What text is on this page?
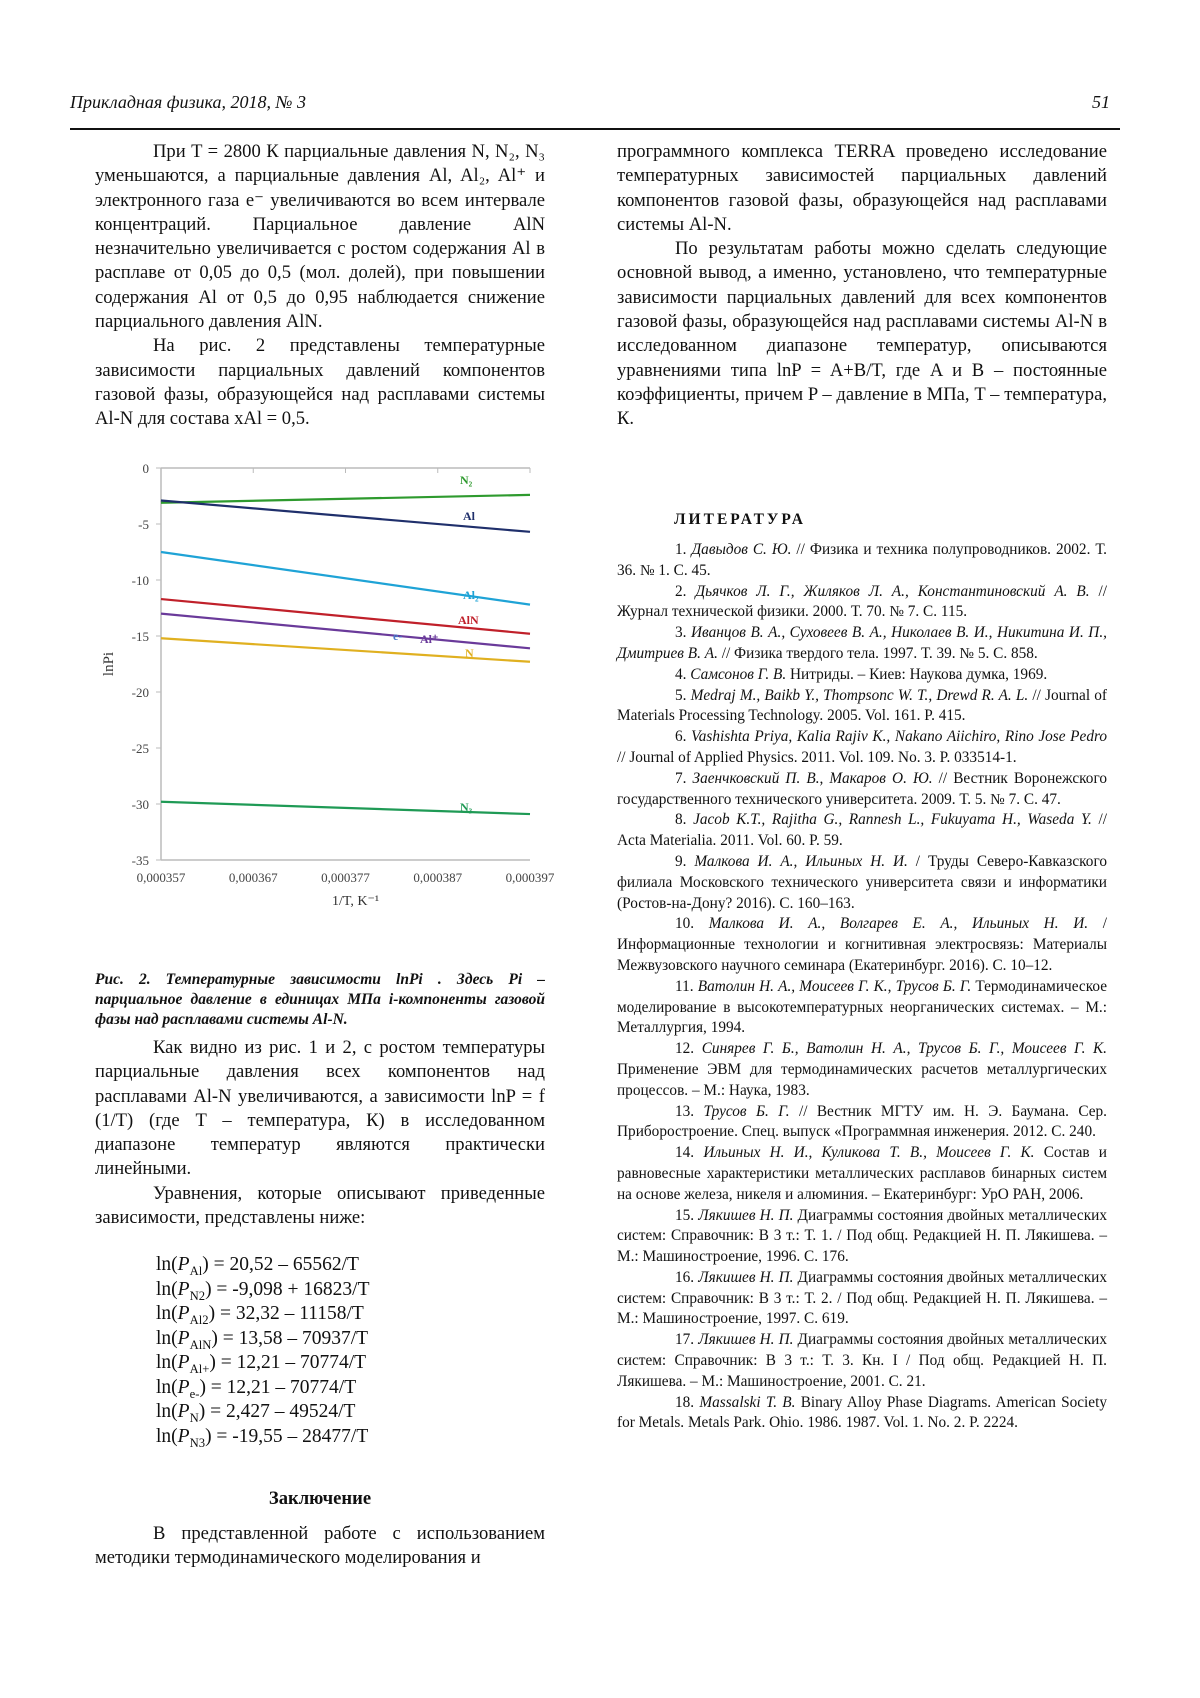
Прикладная физика, 2018, № 3	51

При T = 2800 К парциальные давления N, N₂, N₃ уменьшаются, а парциальные давления Al, Al₂, Al⁺ и электронного газа e⁻ увеличиваются во всем интервале концентраций. Парциальное давление AlN незначительно увеличивается с ростом содержания Al в расплаве от 0,05 до 0,5 (мол. долей), при повышении содержания Al от 0,5 до 0,95 наблюдается снижение парциального давления AlN.

На рис. 2 представлены температурные зависимости парциальных давлений компонентов газовой фазы, образующейся над расплавами системы Al-N для состава xAl = 0,5.

0
-5
-10
-15
-20
-25
-30
-35
0,000357	0,000367	0,000377	0,000387	0,000397
1/T, K⁻¹
lnPi
N₂
Al
Al₂
AlN
Al⁺
e-
N
N₃
Рис. 2. Температурные зависимости lnPi . Здесь Pi – парциальное давление в единицах МПа i-компоненты газовой фазы над расплавами системы Al-N.

Как видно из рис. 1 и 2, с ростом температуры парциальные давления всех компонентов над расплавами Al-N увеличиваются, а зависимости lnP = f (1/T) (где T – температура, К) в исследованном диапазоне температур являются практически линейными.

Уравнения, которые описывают приведенные зависимости, представлены ниже:

$\ln(P_{Al}) = 20,52 - 65562/T$
$\ln(P_{N2}) = -9,098 + 16823/T$
$\ln(P_{Al2}) = 32,32 - 11158/T$
$\ln(P_{AlN}) = 13,58 - 70937/T$
$\ln(P_{Al+}) = 12,21 - 70774/T$
$\ln(P_{e-}) = 12,21 - 70774/T$
$\ln(P_N) = 2,427 - 49524/T$
$\ln(P_{N3}) = -19,55 - 28477/T$
Заключение

В представленной работе с использованием методики термодинамического моделирования и

программного комплекса TERRA проведено исследование температурных зависимостей парциальных давлений компонентов газовой фазы, образующейся над расплавами системы Al-N.

По результатам работы можно сделать следующие основной вывод, а именно, установлено, что температурные зависимости парциальных давлений для всех компонентов газовой фазы, образующейся над расплавами системы Al-N в исследованном диапазоне температур, описываются уравнениями типа lnP = A+B/T, где A и B – постоянные коэффициенты, причем P – давление в МПа, T – температура, К.

ЛИТЕРАТУРА

1. Давыдов С. Ю. // Физика и техника полупроводников. 2002. Т. 36. № 1. С. 45.

2. Дьячков Л. Г., Жиляков Л. А., Константиновский А. В. // Журнал технической физики. 2000. Т. 70. № 7. С. 115.

3. Иванцов В. А., Суховеев В. А., Николаев В. И., Никитина И. П., Дмитриев В. А. // Физика твердого тела. 1997. Т. 39. № 5. С. 858.

4. Самсонов Г. В. Нитриды. – Киев: Наукова думка, 1969.

5. Medraj M., Baikb Y., Thompsonc W. T., Drewd R. A. L. // Journal of Materials Processing Technology. 2005. Vol. 161. P. 415.

6. Vashishta Priya, Kalia Rajiv K., Nakano Aiichiro, Rino Jose Pedro // Journal of Applied Physics. 2011. Vol. 109. No. 3. P. 033514-1.

7. Заенчковский П. В., Макаров О. Ю. // Вестник Воронежского государственного технического университета. 2009. Т. 5. № 7. С. 47.

8. Jacob K.T., Rajitha G., Rannesh L., Fukuyama H., Waseda Y. // Acta Materialia. 2011. Vol. 60. P. 59.

9. Малкова И. А., Ильиных Н. И. / Труды Северо-Кавказского филиала Московского технического университета связи и информатики (Ростов-на-Дону? 2016). С. 160–163.

10. Малкова И. А., Волгарев Е. А., Ильиных Н. И. / Информационные технологии и когнитивная электросвязь: Материалы Межвузовского научного семинара (Екатеринбург. 2016). С. 10–12.

11. Ватолин Н. А., Моисеев Г. К., Трусов Б. Г. Термодинамическое моделирование в высокотемпературных неорганических системах. – М.: Металлургия, 1994.

12. Синярев Г. Б., Ватолин Н. А., Трусов Б. Г., Моисеев Г. К. Применение ЭВМ для термодинамических расчетов металлургических процессов. – М.: Наука, 1983.

13. Трусов Б. Г. // Вестник МГТУ им. Н. Э. Баумана. Сер. Приборостроение. Спец. выпуск «Программная инженерия. 2012. С. 240.

14. Ильиных Н. И., Куликова Т. В., Моисеев Г. К. Состав и равновесные характеристики металлических расплавов бинарных систем на основе железа, никеля и алюминия. – Екатеринбург: УрО РАН, 2006.

15. Лякишев Н. П. Диаграммы состояния двойных металлических систем: Справочник: В 3 т.: Т. 1. / Под общ. Редакцией Н. П. Лякишева. – М.: Машиностроение, 1996. С. 176.

16. Лякишев Н. П. Диаграммы состояния двойных металлических систем: Справочник: В 3 т.: Т. 2. / Под общ. Редакцией Н. П. Лякишева. – М.: Машиностроение, 1997. С. 619.

17. Лякишев Н. П. Диаграммы состояния двойных металлических систем: Справочник: В 3 т.: Т. 3. Кн. I / Под общ. Редакцией Н. П. Лякишева. – М.: Машиностроение, 2001. С. 21.

18. Massalski T. B. Binary Alloy Phase Diagrams. American Society for Metals. Metals Park. Ohio. 1986. 1987. Vol. 1. No. 2. P. 2224.
